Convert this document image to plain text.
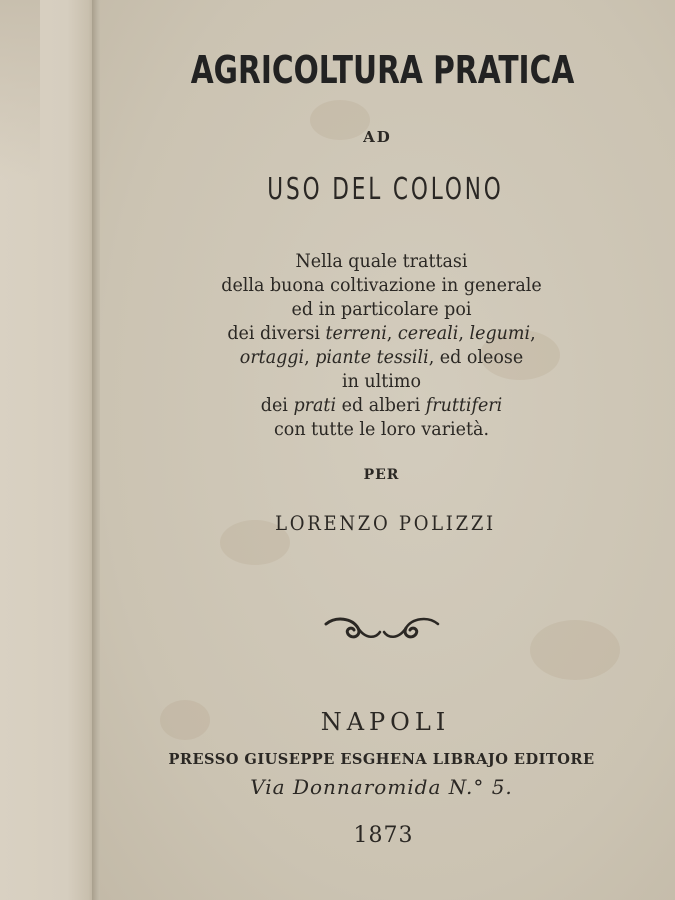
AGRICOLTURA PRATICA
AD
USO DEL COLONO
Nella quale trattasi
della buona coltivazione in generale
ed in particolare poi
dei diversi terreni, cereali, legumi,
ortaggi, piante tessili, ed oleose
in ultimo
dei prati ed alberi fruttiferi
con tutte le loro varietà.
PER
LORENZO POLIZZI
NAPOLI
PRESSO GIUSEPPE ESGHENA LIBRAJO EDITORE
Via Donnaromida N.° 5.
1873
